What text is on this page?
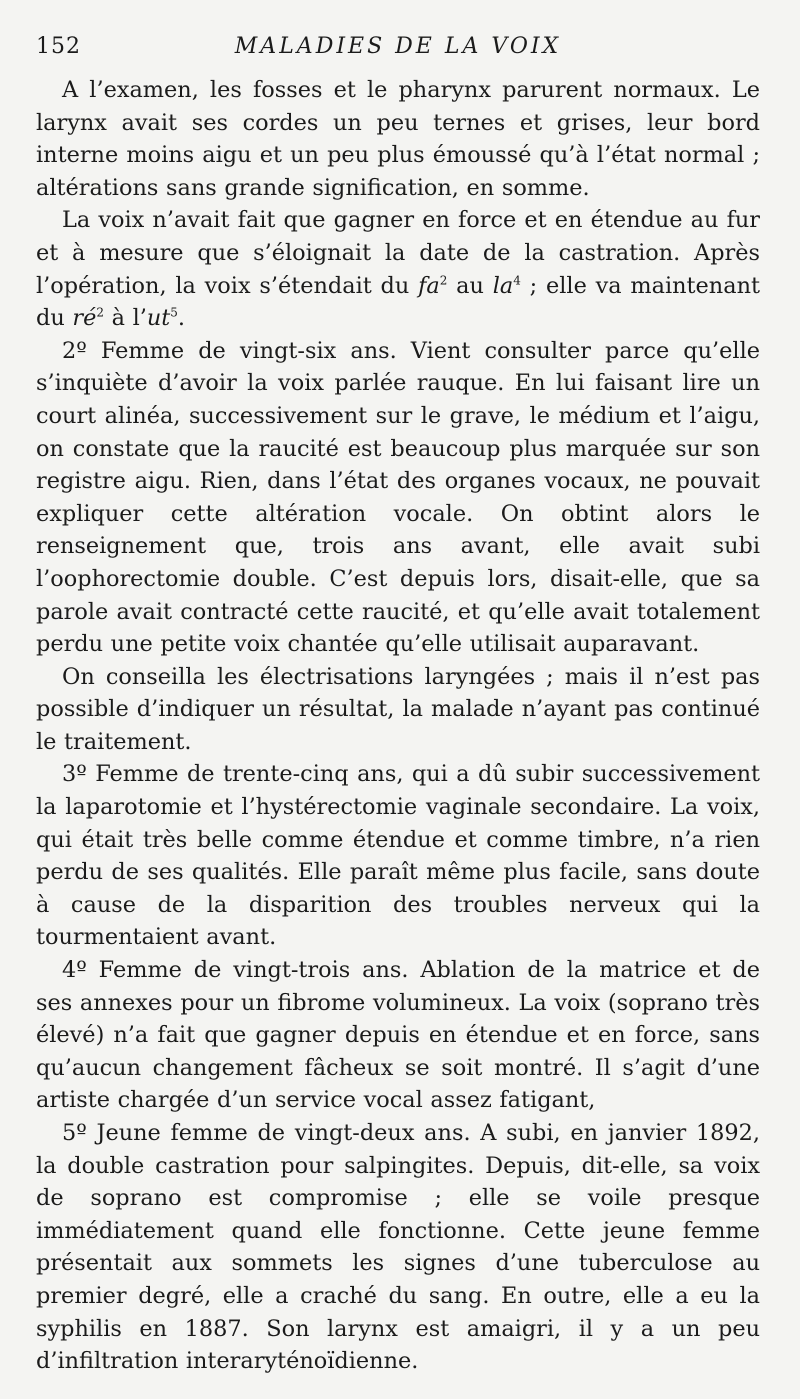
152	MALADIES DE LA VOIX

A l’examen, les fosses et le pharynx parurent normaux. Le larynx avait ses cordes un peu ternes et grises, leur bord interne moins aigu et un peu plus émoussé qu’à l’état normal ; altérations sans grande signification, en somme.

La voix n’avait fait que gagner en force et en étendue au fur et à mesure que s’éloignait la date de la castration. Après l’opération, la voix s’étendait du $fa^2$ au $la^4$ ; elle va maintenant du $ré^2$ à $l’ut^5$.

2º Femme de vingt-six ans. Vient consulter parce qu’elle s’inquiète d’avoir la voix parlée rauque. En lui faisant lire un court alinéa, successivement sur le grave, le médium et l’aigu, on constate que la raucité est beaucoup plus marquée sur son registre aigu. Rien, dans l’état des organes vocaux, ne pouvait expliquer cette altération vocale. On obtint alors le renseignement que, trois ans avant, elle avait subi l’oophorectomie double. C’est depuis lors, disait-elle, que sa parole avait contracté cette raucité, et qu’elle avait totalement perdu une petite voix chantée qu’elle utilisait auparavant.

On conseilla les électrisations laryngées ; mais il n’est pas possible d’indiquer un résultat, la malade n’ayant pas continué le traitement.

3º Femme de trente-cinq ans, qui a dû subir successivement la laparotomie et l’hystérectomie vaginale secondaire. La voix, qui était très belle comme étendue et comme timbre, n’a rien perdu de ses qualités. Elle paraît même plus facile, sans doute à cause de la disparition des troubles nerveux qui la tourmentaient avant.

4º Femme de vingt-trois ans. Ablation de la matrice et de ses annexes pour un fibrome volumineux. La voix (soprano très élevé) n’a fait que gagner depuis en étendue et en force, sans qu’aucun changement fâcheux se soit montré. Il s’agit d’une artiste chargée d’un service vocal assez fatigant,

5º Jeune femme de vingt-deux ans. A subi, en janvier 1892, la double castration pour salpingites. Depuis, dit-elle, sa voix de soprano est compromise ; elle se voile presque immédiatement quand elle fonctionne. Cette jeune femme présentait aux sommets les signes d’une tuberculose au premier degré, elle a craché du sang. En outre, elle a eu la syphilis en 1887. Son larynx est amaigri, il y a un peu d’infiltration interaryténoïdienne.
